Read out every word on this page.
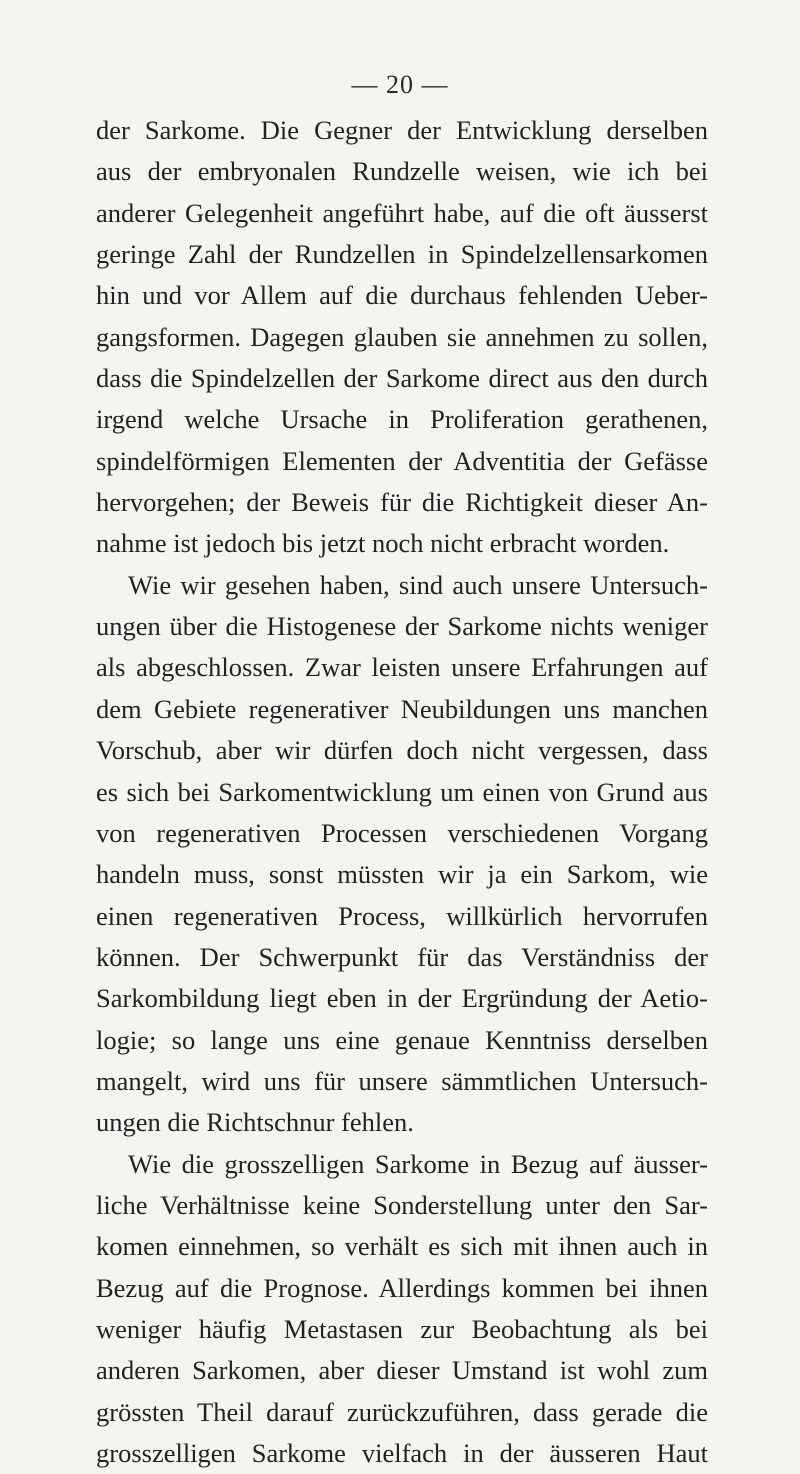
— 20 —
der Sarkome. Die Gegner der Entwicklung derselben
aus der embryonalen Rundzelle weisen, wie ich bei
anderer Gelegenheit angeführt habe, auf die oft äusserst
geringe Zahl der Rundzellen in Spindelzellensarkomen
hin und vor Allem auf die durchaus fehlenden Ueber-
gangsformen. Dagegen glauben sie annehmen zu sollen,
dass die Spindelzellen der Sarkome direct aus den durch
irgend welche Ursache in Proliferation gerathenen,
spindelförmigen Elementen der Adventitia der Gefässe
hervorgehen; der Beweis für die Richtigkeit dieser An-
nahme ist jedoch bis jetzt noch nicht erbracht worden.
Wie wir gesehen haben, sind auch unsere Untersuch-
ungen über die Histogenese der Sarkome nichts weniger
als abgeschlossen. Zwar leisten unsere Erfahrungen auf
dem Gebiete regenerativer Neubildungen uns manchen
Vorschub, aber wir dürfen doch nicht vergessen, dass
es sich bei Sarkomentwicklung um einen von Grund aus
von regenerativen Processen verschiedenen Vorgang
handeln muss, sonst müssten wir ja ein Sarkom, wie
einen regenerativen Process, willkürlich hervorrufen
können. Der Schwerpunkt für das Verständniss der
Sarkombildung liegt eben in der Ergründung der Aetio-
logie; so lange uns eine genaue Kenntniss derselben
mangelt, wird uns für unsere sämmtlichen Untersuch-
ungen die Richtschnur fehlen.
Wie die grosszelligen Sarkome in Bezug auf äusser-
liche Verhältnisse keine Sonderstellung unter den Sar-
komen einnehmen, so verhält es sich mit ihnen auch in
Bezug auf die Prognose. Allerdings kommen bei ihnen
weniger häufig Metastasen zur Beobachtung als bei
anderen Sarkomen, aber dieser Umstand ist wohl zum
grössten Theil darauf zurückzuführen, dass gerade die
grosszelligen Sarkome vielfach in der äusseren Haut
